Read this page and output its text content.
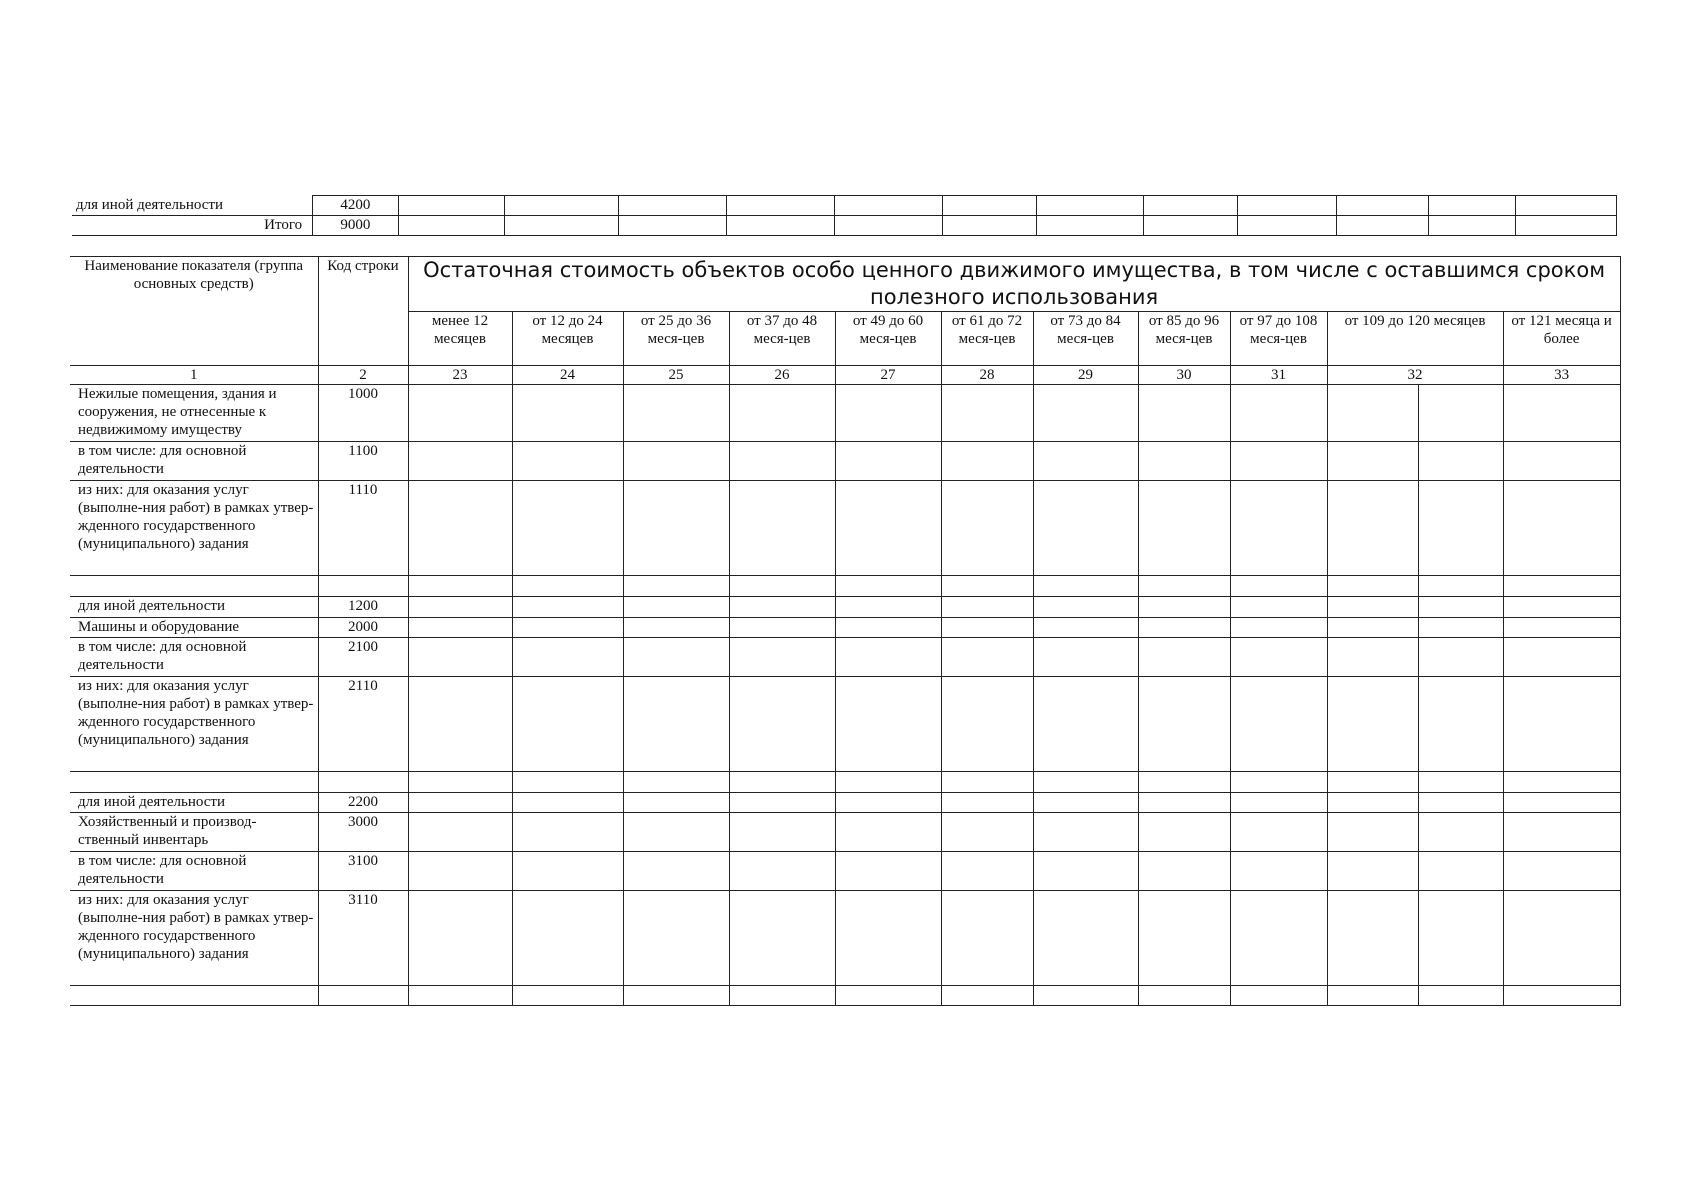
для иной деятельности	4200												
Итого	9000												
Наименование показателя (группа основных средств)	Код строки	Остаточная стоимость объектов особо ценного движимого имущества, в том числе с оставшимся сроком полезного использования											
		менее 12 месяцев	от 12 до 24 месяцев	от 25 до 36 меся-цев	от 37 до 48 меся-цев	от 49 до 60 меся-цев	от 61 до 72 меся-цев	от 73 до 84 меся-цев	от 85 до 96 меся-цев	от 97 до 108 меся-цев	от 109 до 120 месяцев		от 121 месяца и более
1	2	23	24	25	26	27	28	29	30	31	32		33
Нежилые помещения, здания и сооружения, не отнесенные к недвижимому имуществу	1000												
в том числе: для основной деятельности	1100												
из них: для оказания услуг (выполне-ния работ) в рамках утвер-жденного государственного (муниципального) задания	1110												

для иной деятельности	1200												
Машины и оборудование	2000												
в том числе: для основной деятельности	2100												
из них: для оказания услуг (выполне-ния работ) в рамках утвер-жденного государственного (муниципального) задания	2110												

для иной деятельности	2200												
Хозяйственный и производ-ственный инвентарь	3000												
в том числе: для основной деятельности	3100												
из них: для оказания услуг (выполне-ния работ) в рамках утвер-жденного государственного (муниципального) задания	3110												
